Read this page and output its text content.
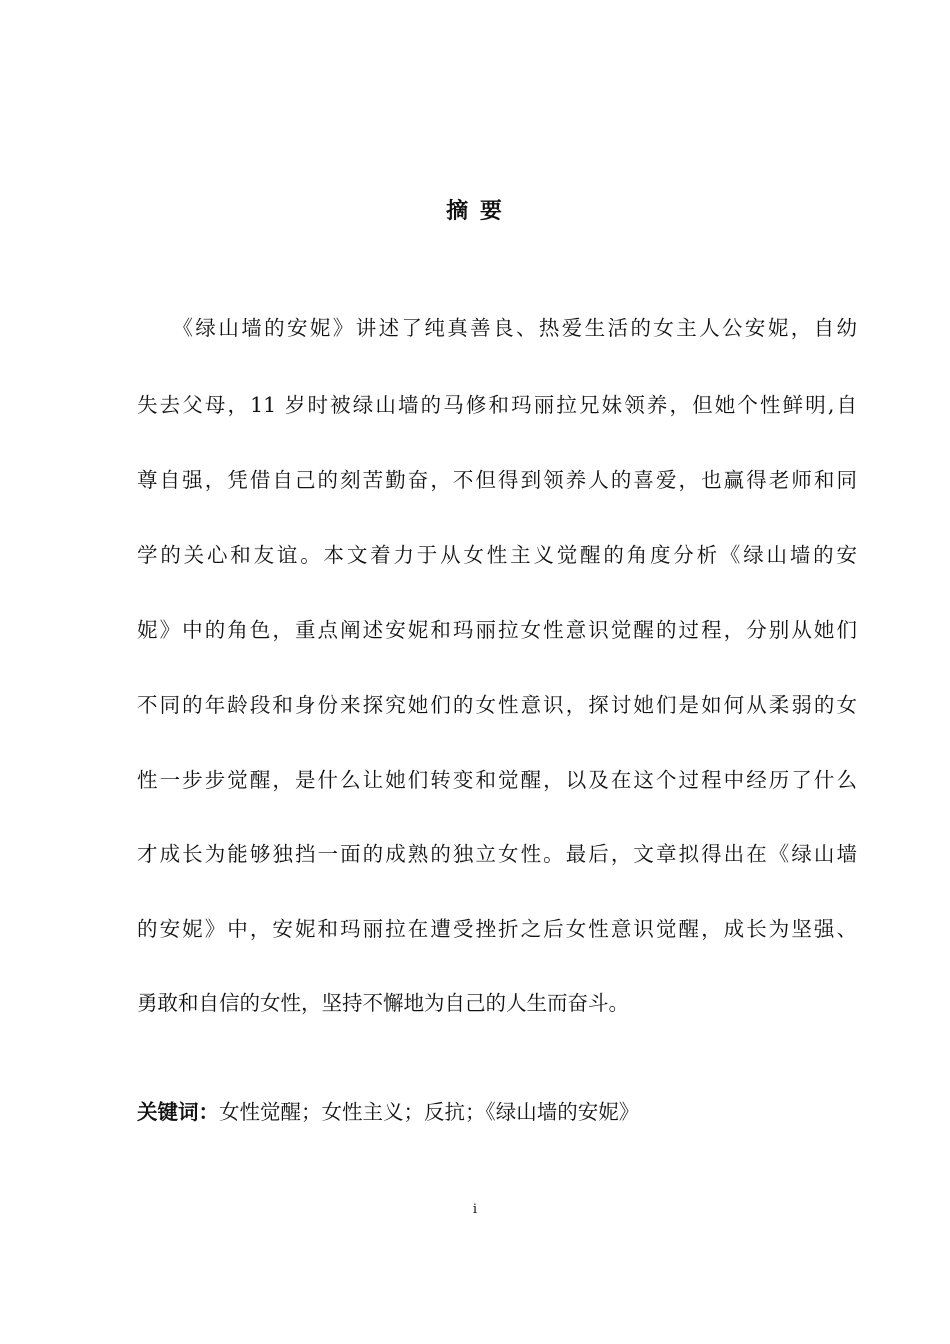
摘 要
　　《绿山墙的安妮》讲述了纯真善良、热爱生活的女主人公安妮，自幼
失去父母，11 岁时被绿山墙的马修和玛丽拉兄妹领养，但她个性鲜明,自
尊自强，凭借自己的刻苦勤奋，不但得到领养人的喜爱，也赢得老师和同
学的关心和友谊。本文着力于从女性主义觉醒的角度分析《绿山墙的安
妮》中的角色，重点阐述安妮和玛丽拉女性意识觉醒的过程，分别从她们
不同的年龄段和身份来探究她们的女性意识，探讨她们是如何从柔弱的女
性一步步觉醒，是什么让她们转变和觉醒，以及在这个过程中经历了什么
才成长为能够独挡一面的成熟的独立女性。最后，文章拟得出在《绿山墙
的安妮》中，安妮和玛丽拉在遭受挫折之后女性意识觉醒，成长为坚强、
勇敢和自信的女性，坚持不懈地为自己的人生而奋斗。
关键词：女性觉醒；女性主义；反抗；《绿山墙的安妮》
i
